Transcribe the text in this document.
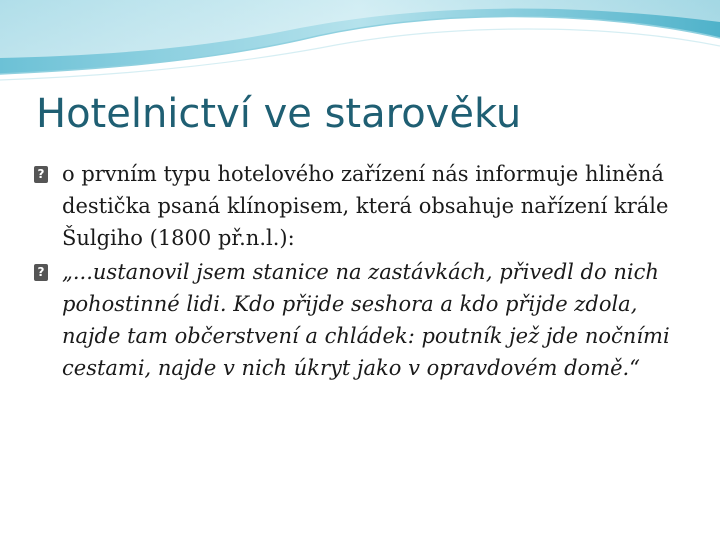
Hotelnictví ve starověku
? o prvním typu hotelového zařízení nás informuje hliněná destička psaná klínopisem, která obsahuje nařízení krále Šulgiho (1800 př.n.l.):
? „...ustanovil jsem stanice na zastávkách, přivedl do nich pohostinné lidi. Kdo přijde seshora a kdo přijde zdola, najde tam občerstvení a chládek: poutník jež jde nočními cestami, najde v nich úkryt jako v opravdovém domě.“
